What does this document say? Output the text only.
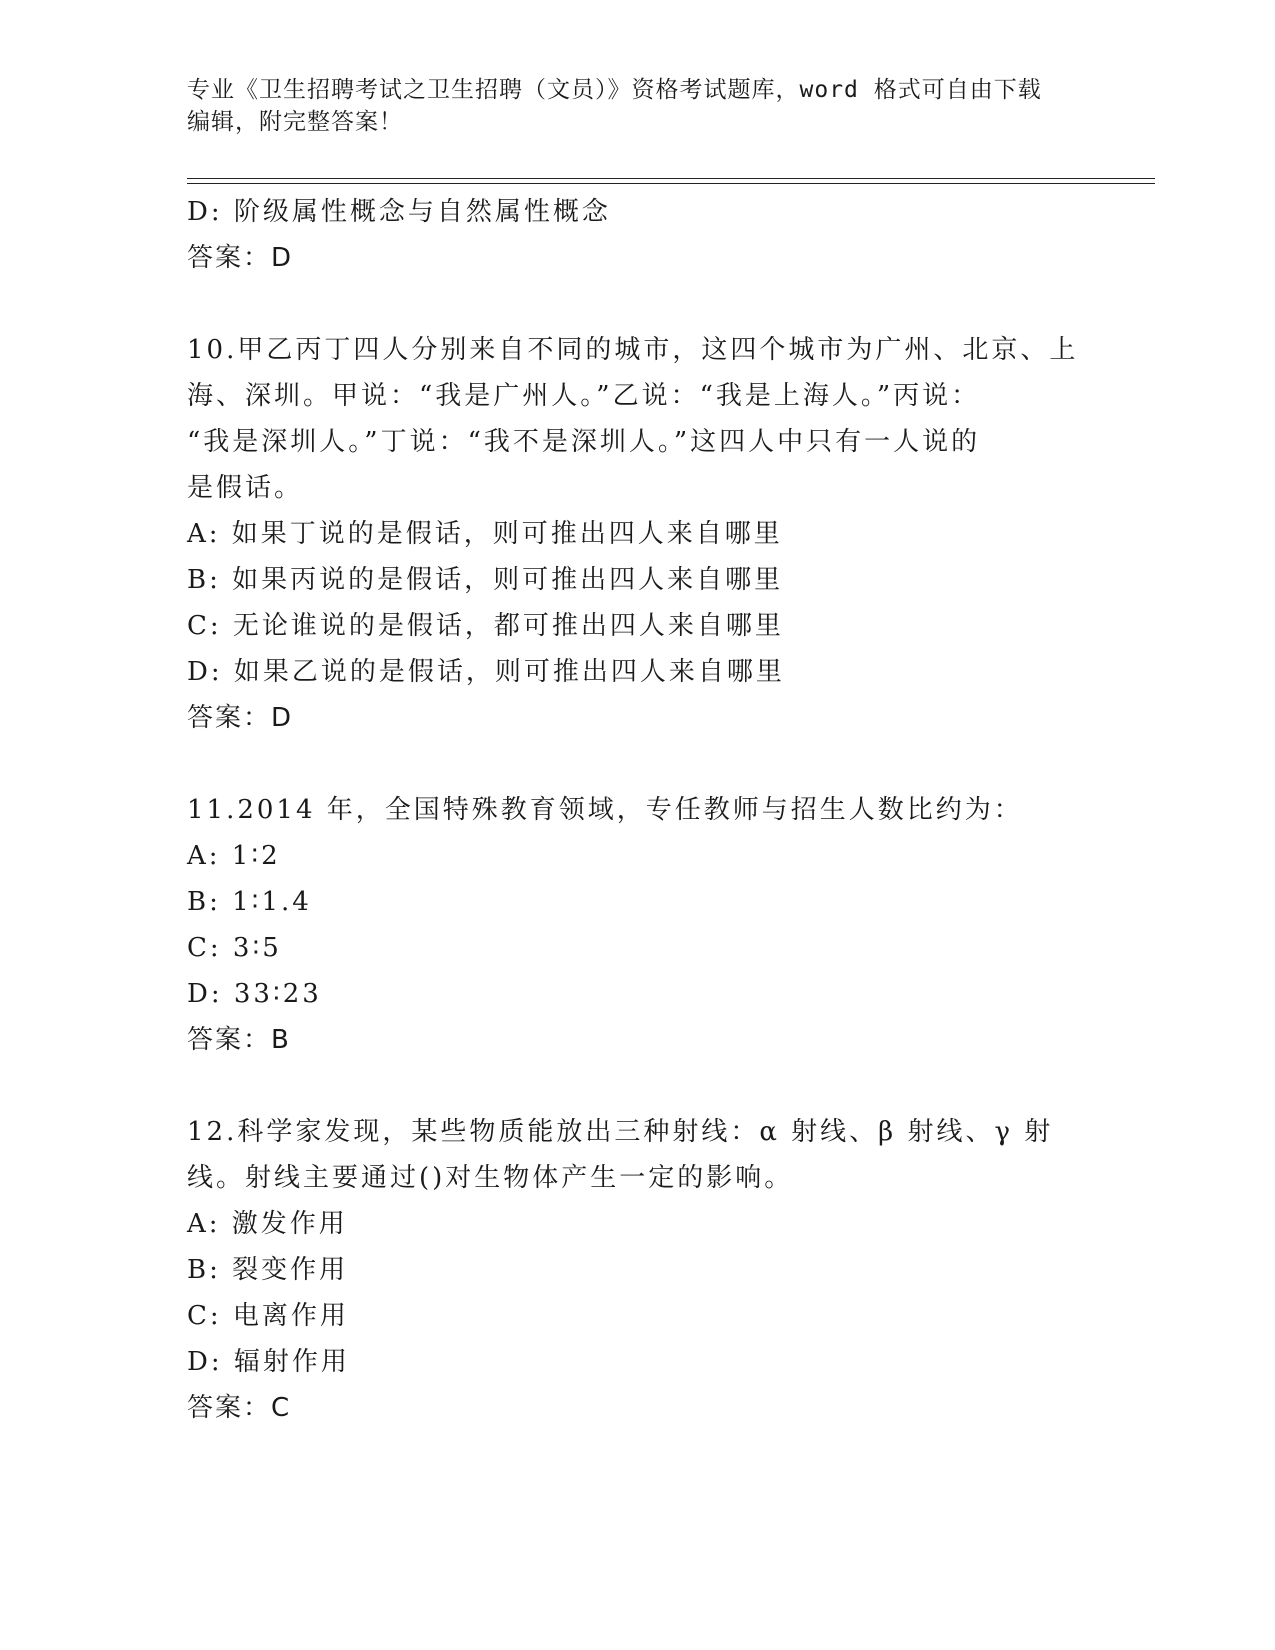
专业《卫生招聘考试之卫生招聘（文员）》资格考试题库，word 格式可自由下载
编辑，附完整答案！
D: 阶级属性概念与自然属性概念
答案：D
10.甲乙丙丁四人分别来自不同的城市，这四个城市为广州、北京、上
海、深圳。甲说：“我是广州人。”乙说：“我是上海人。”丙说：
“我是深圳人。”丁说：“我不是深圳人。”这四人中只有一人说的
是假话。
A: 如果丁说的是假话，则可推出四人来自哪里
B: 如果丙说的是假话，则可推出四人来自哪里
C: 无论谁说的是假话，都可推出四人来自哪里
D: 如果乙说的是假话，则可推出四人来自哪里
答案：D
11.2014 年，全国特殊教育领域，专任教师与招生人数比约为：
A: 1∶2
B: 1∶1.4
C: 3∶5
D: 33∶23
答案：B
12.科学家发现，某些物质能放出三种射线：α 射线、β 射线、γ 射
线。射线主要通过()对生物体产生一定的影响。
A: 激发作用
B: 裂变作用
C: 电离作用
D: 辐射作用
答案：C
